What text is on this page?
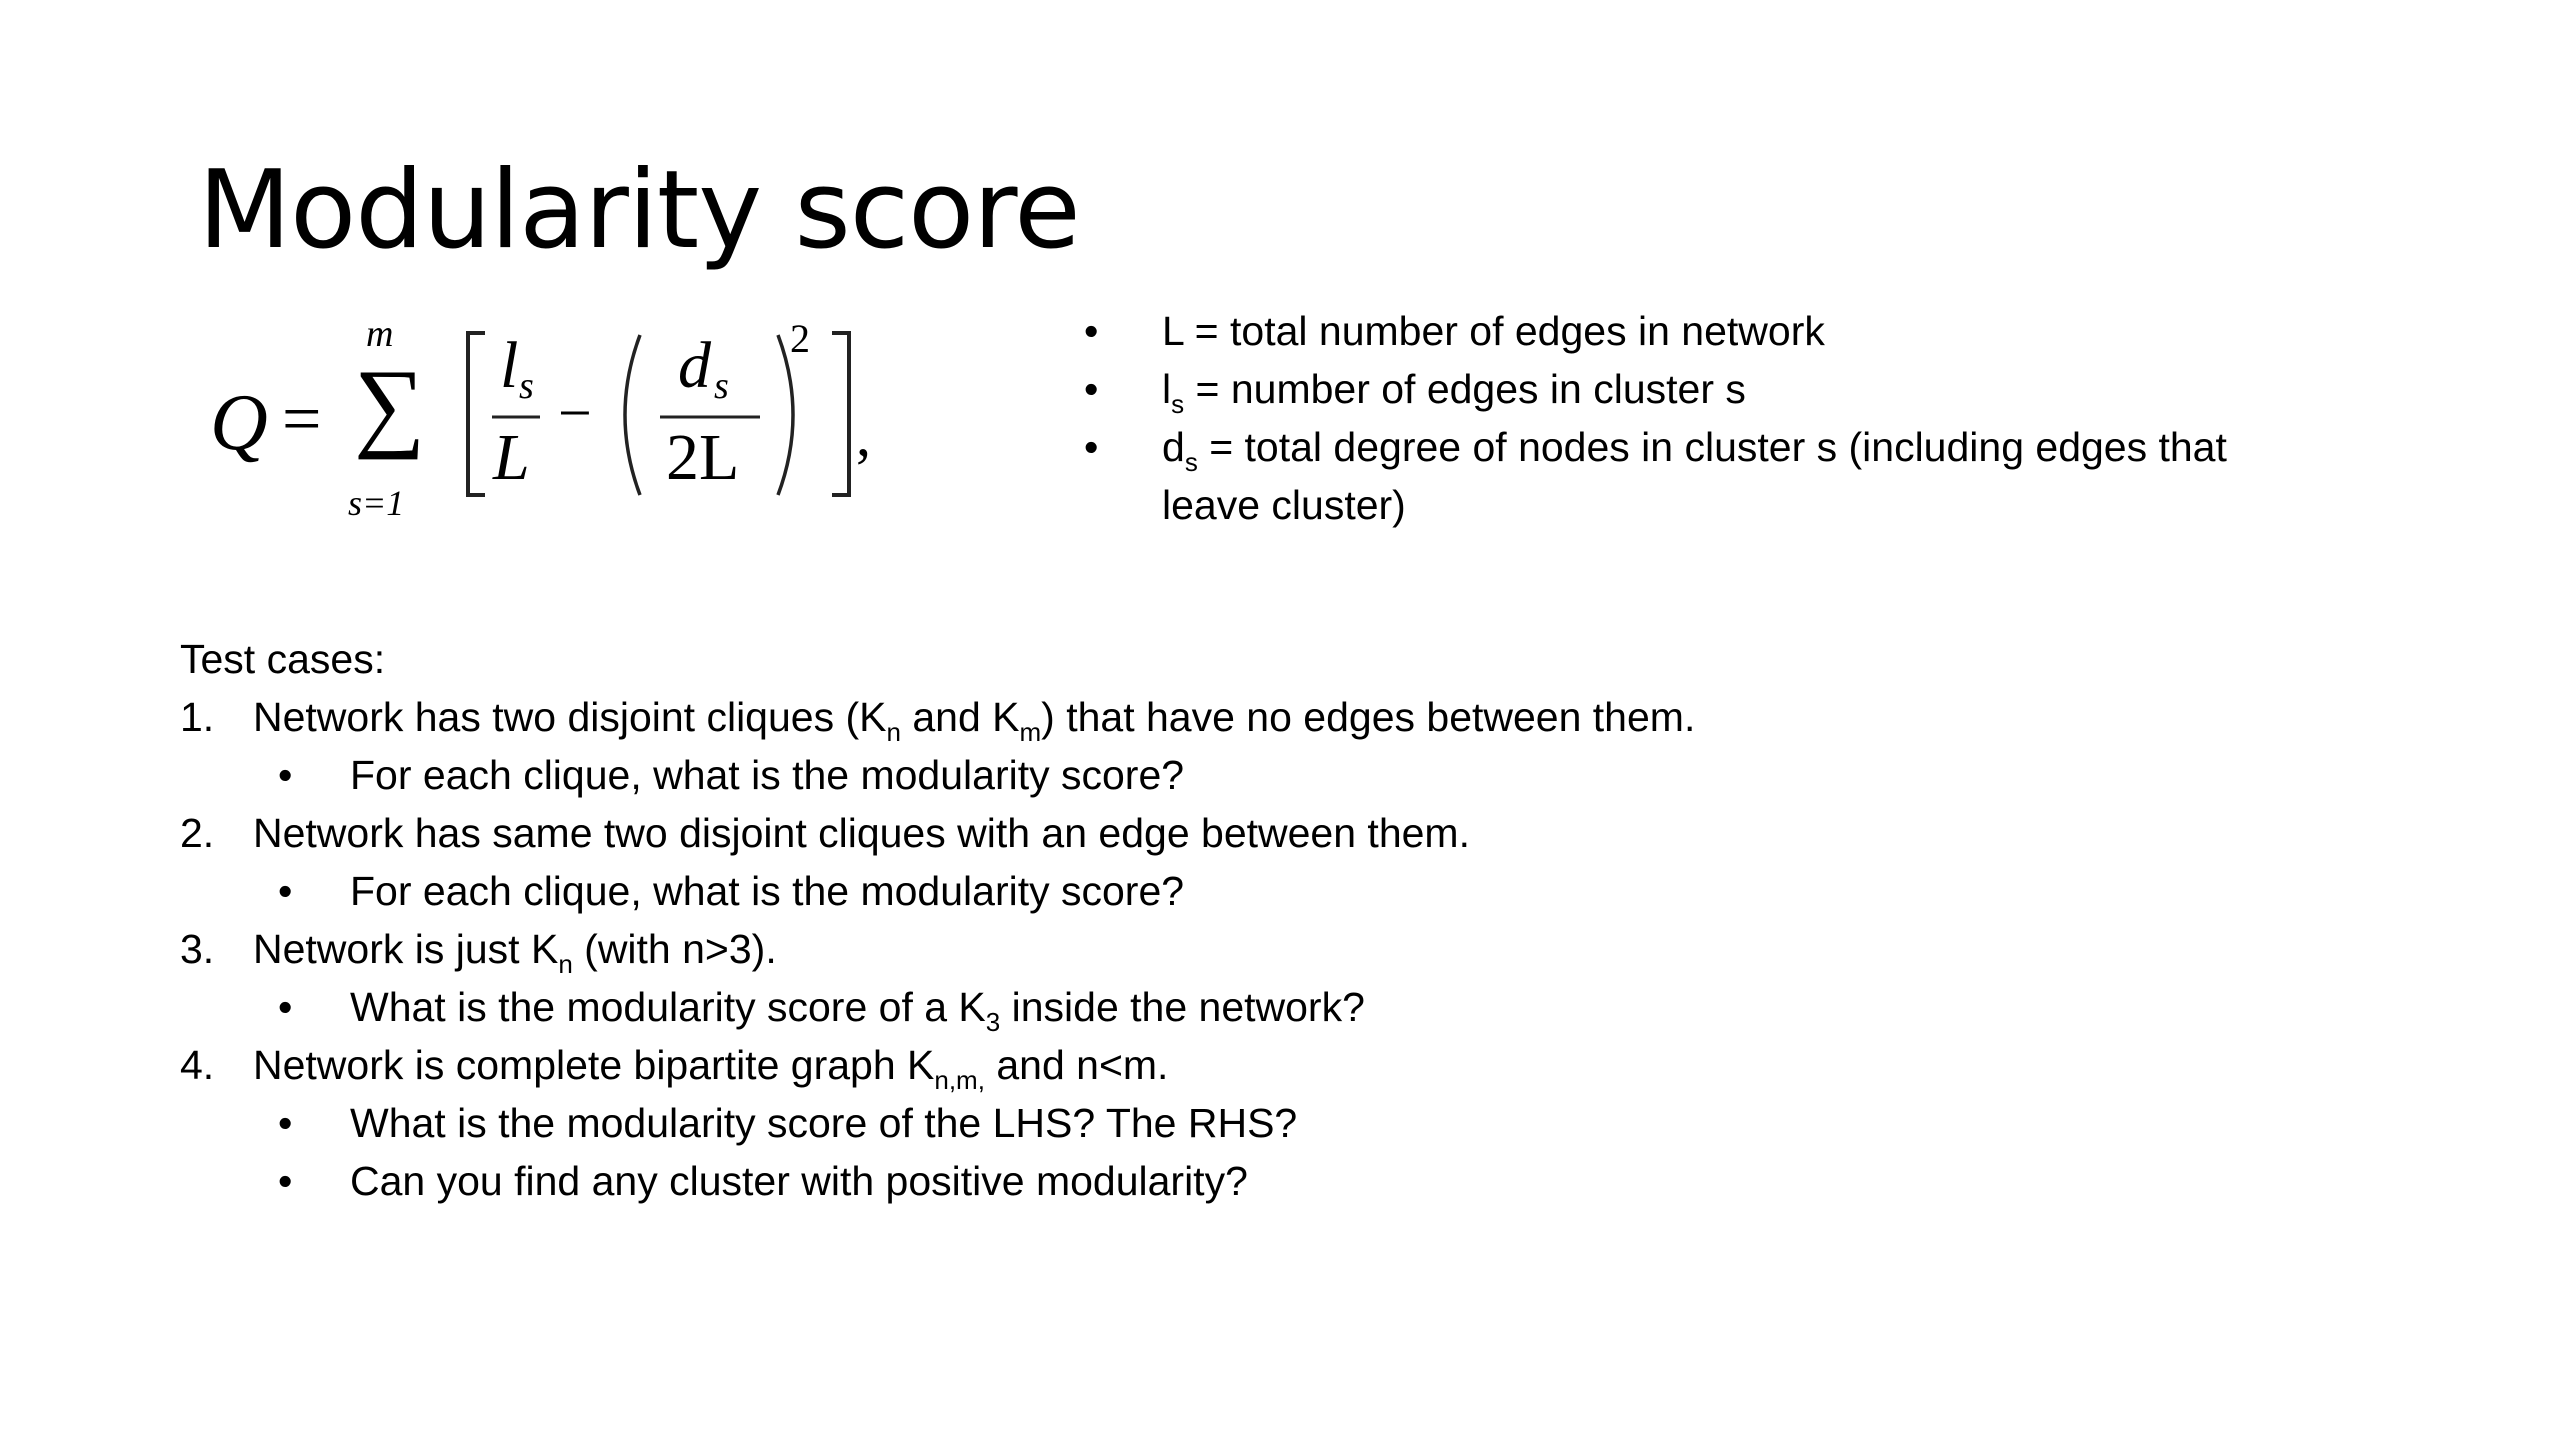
Modularity score
Q =
m
∑
s=1
l s
L
−
d s
2L
2
,
• L = total number of edges in network
• $l_s$ = number of edges in cluster s
• $d_s$ = total degree of nodes in cluster s (including edges that
leave cluster)
Test cases:
1. Network has two disjoint cliques ($K_n$ and $K_m$) that have no edges between them.
• For each clique, what is the modularity score?
2. Network has same two disjoint cliques with an edge between them.
• For each clique, what is the modularity score?
3. Network is just $K_n$ (with n>3).
• What is the modularity score of a $K_3$ inside the network?
4. Network is complete bipartite graph $K_{n,m,}$ and n<m.
• What is the modularity score of the LHS? The RHS?
• Can you find any cluster with positive modularity?
